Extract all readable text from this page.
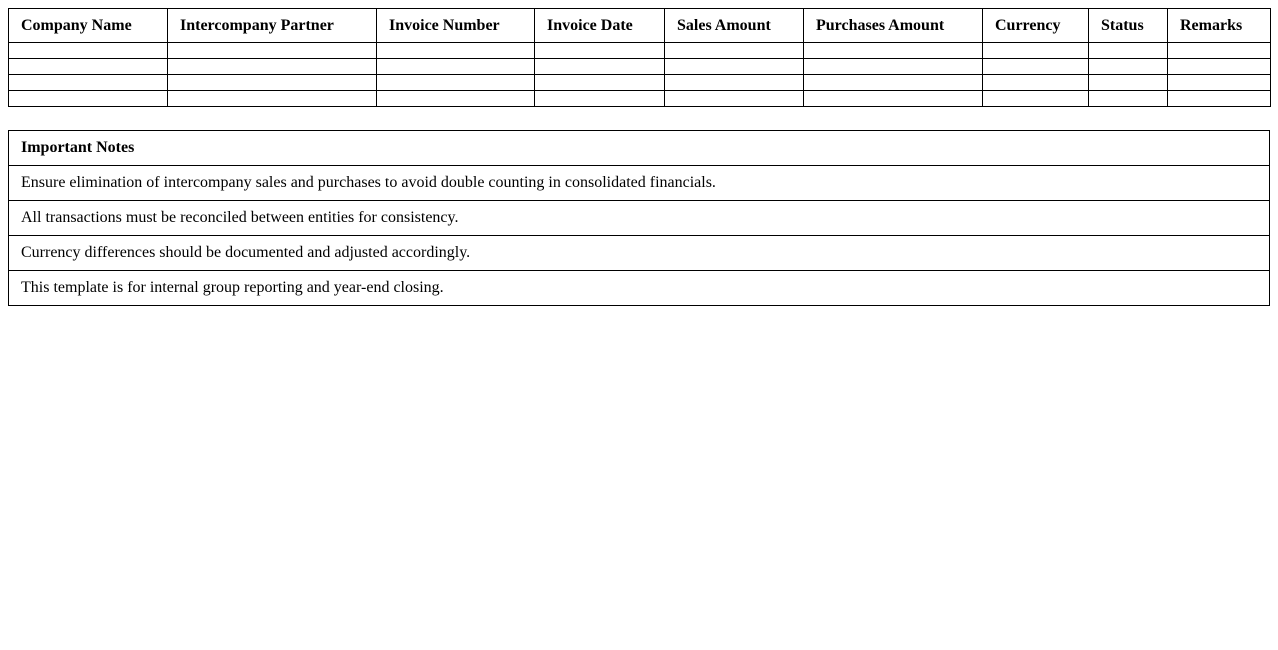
Company Name	Intercompany Partner	Invoice Number	Invoice Date	Sales Amount	Purchases Amount	Currency	Status	Remarks

Important Notes
Ensure elimination of intercompany sales and purchases to avoid double counting in consolidated financials.
All transactions must be reconciled between entities for consistency.
Currency differences should be documented and adjusted accordingly.
This template is for internal group reporting and year-end closing.
